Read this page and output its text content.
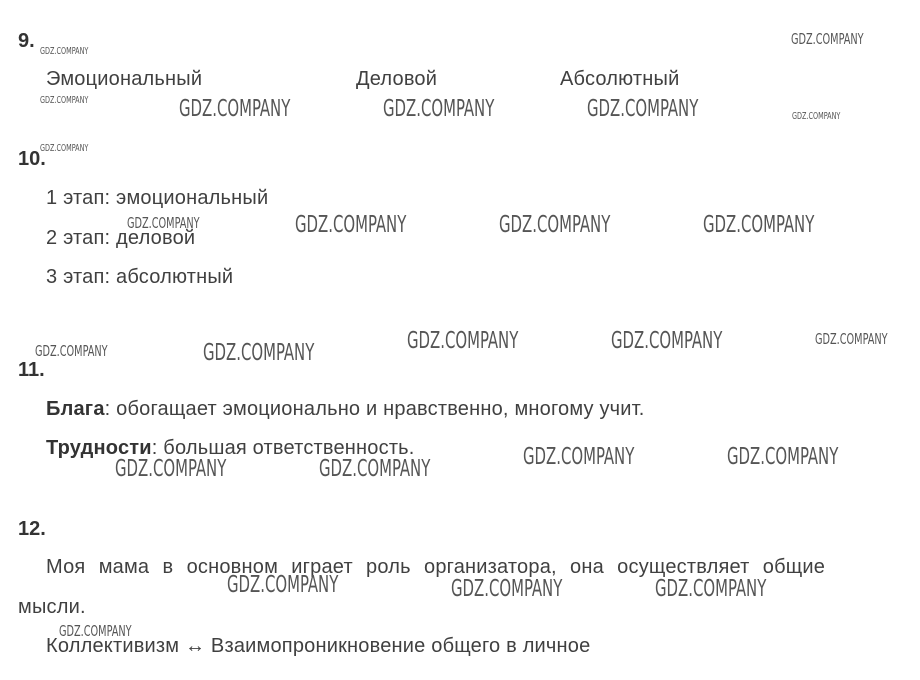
9.
Эмоциональный	Деловой	Абсолютный
10.
1 этап: эмоциональный
2 этап: деловой
3 этап: абсолютный
11.
Блага: обогащает эмоционально и нравственно, многому учит.
Трудности: большая ответственность.
12.
Моя мама в основном играет роль организатора, она осуществляет общие
мысли.
Коллективизм ↔ Взаимопроникновение общего в личное
GDZ.COMPANY
GDZ.COMPANY
GDZ.COMPANY	GDZ.COMPANY	GDZ.COMPANY	GDZ.COMPANY	GDZ.COMPANY
GDZ.COMPANY
GDZ.COMPANY	GDZ.COMPANY	GDZ.COMPANY	GDZ.COMPANY
GDZ.COMPANY	GDZ.COMPANY	GDZ.COMPANY
GDZ.COMPANY	GDZ.COMPANY
GDZ.COMPANY	GDZ.COMPANY
GDZ.COMPANY	GDZ.COMPANY
GDZ.COMPANY	GDZ.COMPANY	GDZ.COMPANY
GDZ.COMPANY
